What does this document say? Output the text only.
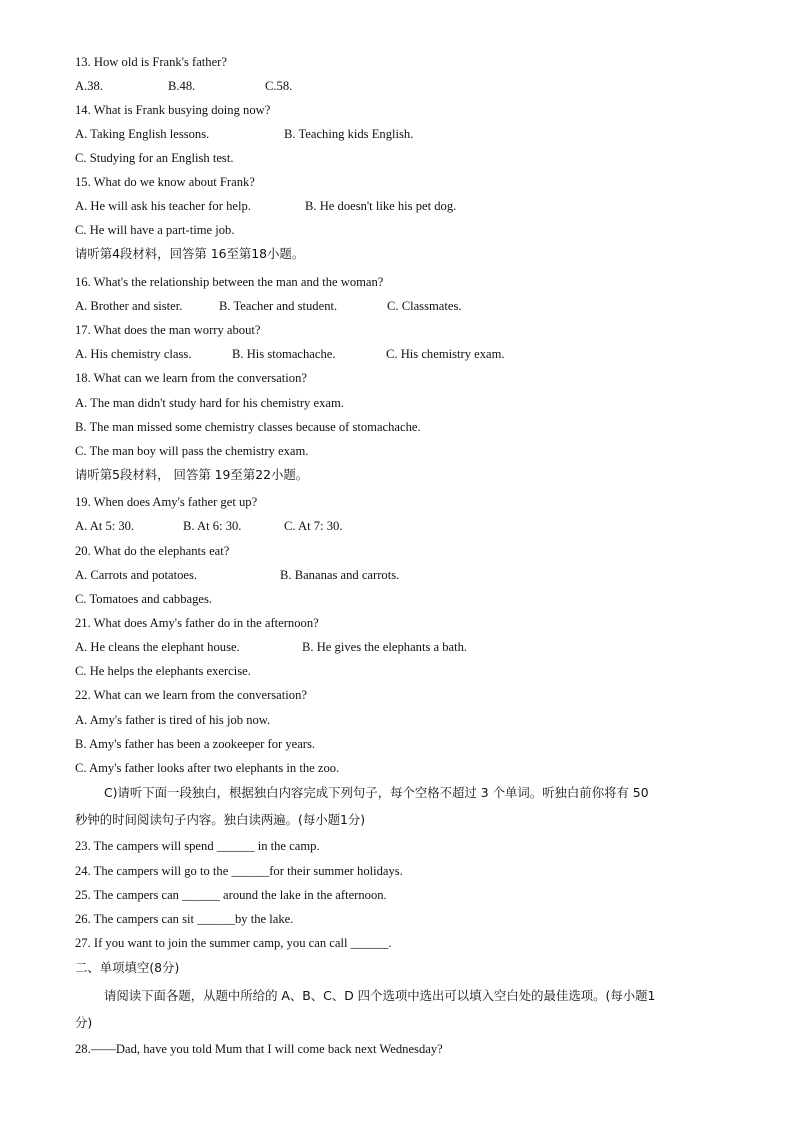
13. How old is Frank's father?
A.38.	B.48.	C.58.
14. What is Frank busying doing now?
A. Taking English lessons.	B. Teaching kids English.
C. Studying for an English test.
15. What do we know about Frank?
A. He will ask his teacher for help.	B. He doesn't like his pet dog.
C. He will have a part-time job.
请听第4段材料，回答第 16至第18小题。
16. What's the relationship between the man and the woman?
A. Brother and sister.	B. Teacher and student.	C. Classmates.
17. What does the man worry about?
A. His chemistry class.	B. His stomachache.	C. His chemistry exam.
18. What can we learn from the conversation?
A. The man didn't study hard for his chemistry exam.
B. The man missed some chemistry classes because of stomachache.
C. The man boy will pass the chemistry exam.
请听第5段材料， 回答第 19至第22小题。
19. When does Amy's father get up?
A. At 5: 30.	B. At 6: 30.	C. At 7: 30.
20. What do the elephants eat?
A. Carrots and potatoes.	B. Bananas and carrots.
C. Tomatoes and cabbages.
21. What does Amy's father do in the afternoon?
A. He cleans the elephant house.	B. He gives the elephants a bath.
C. He helps the elephants exercise.
22. What can we learn from the conversation?
A. Amy's father is tired of his job now.
B. Amy's father has been a zookeeper for years.
C. Amy's father looks after two elephants in the zoo.
C)请听下面一段独白，根据独白内容完成下列句子，每个空格不超过 3 个单词。听独白前你将有 50
秒钟的时间阅读句子内容。独白读两遍。(每小题1分)
23. The campers will spend ______ in the camp.
24. The campers will go to the ______for their summer holidays.
25. The campers can ______ around the lake in the afternoon.
26. The campers can sit ______by the lake.
27. If you want to join the summer camp, you can call ______.
二、单项填空(8分)
请阅读下面各题，从题中所给的 A、B、C、D 四个选项中选出可以填入空白处的最佳选项。(每小题1
分)
28.——Dad, have you told Mum that I will come back next Wednesday?
